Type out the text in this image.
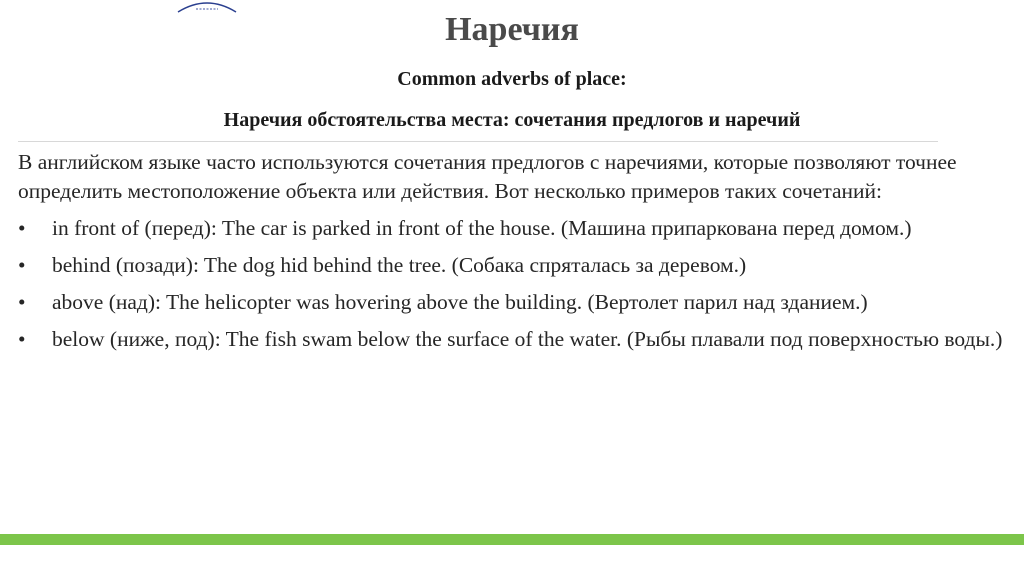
Наречия
Common adverbs of place:
Наречия обстоятельства места: сочетания предлогов и наречий

В английском языке часто используются сочетания предлогов с наречиями, которые позволяют точнее определить местоположение объекта или действия. Вот несколько примеров таких сочетаний:

• in front of (перед): The car is parked in front of the house. (Машина припаркована перед домом.)
• behind (позади): The dog hid behind the tree. (Собака спряталась за деревом.)
• above (над): The helicopter was hovering above the building. (Вертолет парил над зданием.)
• below (ниже, под): The fish swam below the surface of the water. (Рыбы плавали под поверхностью воды.)
